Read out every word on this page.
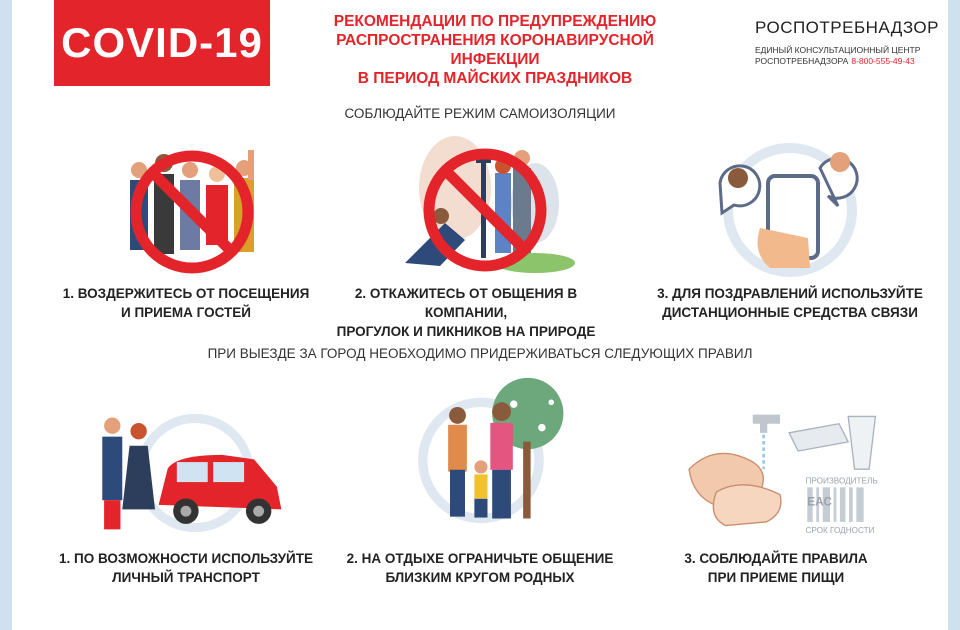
COVID-19	РЕКОМЕНДАЦИИ ПО ПРЕДУПРЕЖДЕНИЮ
РАСПРОСТРАНЕНИЯ КОРОНАВИРУСНОЙ ИНФЕКЦИИ
В ПЕРИОД МАЙСКИХ ПРАЗДНИКОВ
РОСПОТРЕБНАДЗОР
ЕДИНЫЙ КОНСУЛЬТАЦИОННЫЙ ЦЕНТР
РОСПОТРЕБНАДЗОРА 8-800-555-49-43
СОБЛЮДАЙТЕ РЕЖИМ САМОИЗОЛЯЦИИ
1. ВОЗДЕРЖИТЕСЬ ОТ ПОСЕЩЕНИЯ
И ПРИЕМА ГОСТЕЙ
2. ОТКАЖИТЕСЬ ОТ ОБЩЕНИЯ В КОМПАНИИ,
ПРОГУЛОК И ПИКНИКОВ НА ПРИРОДЕ
3. ДЛЯ ПОЗДРАВЛЕНИЙ ИСПОЛЬЗУЙТЕ
ДИСТАНЦИОННЫЕ СРЕДСТВА СВЯЗИ
ПРИ ВЫЕЗДЕ ЗА ГОРОД НЕОБХОДИМО ПРИДЕРЖИВАТЬСЯ СЛЕДУЮЩИХ ПРАВИЛ
1. ПО ВОЗМОЖНОСТИ ИСПОЛЬЗУЙТЕ
ЛИЧНЫЙ ТРАНСПОРТ
2. НА ОТДЫХЕ ОГРАНИЧЬТЕ ОБЩЕНИЕ
БЛИЗКИМ КРУГОМ РОДНЫХ
ПРОИЗВОДИТЕЛЬ
ЕАС
СРОК ГОДНОСТИ
3. СОБЛЮДАЙТЕ ПРАВИЛА
ПРИ ПРИЕМЕ ПИЩИ
